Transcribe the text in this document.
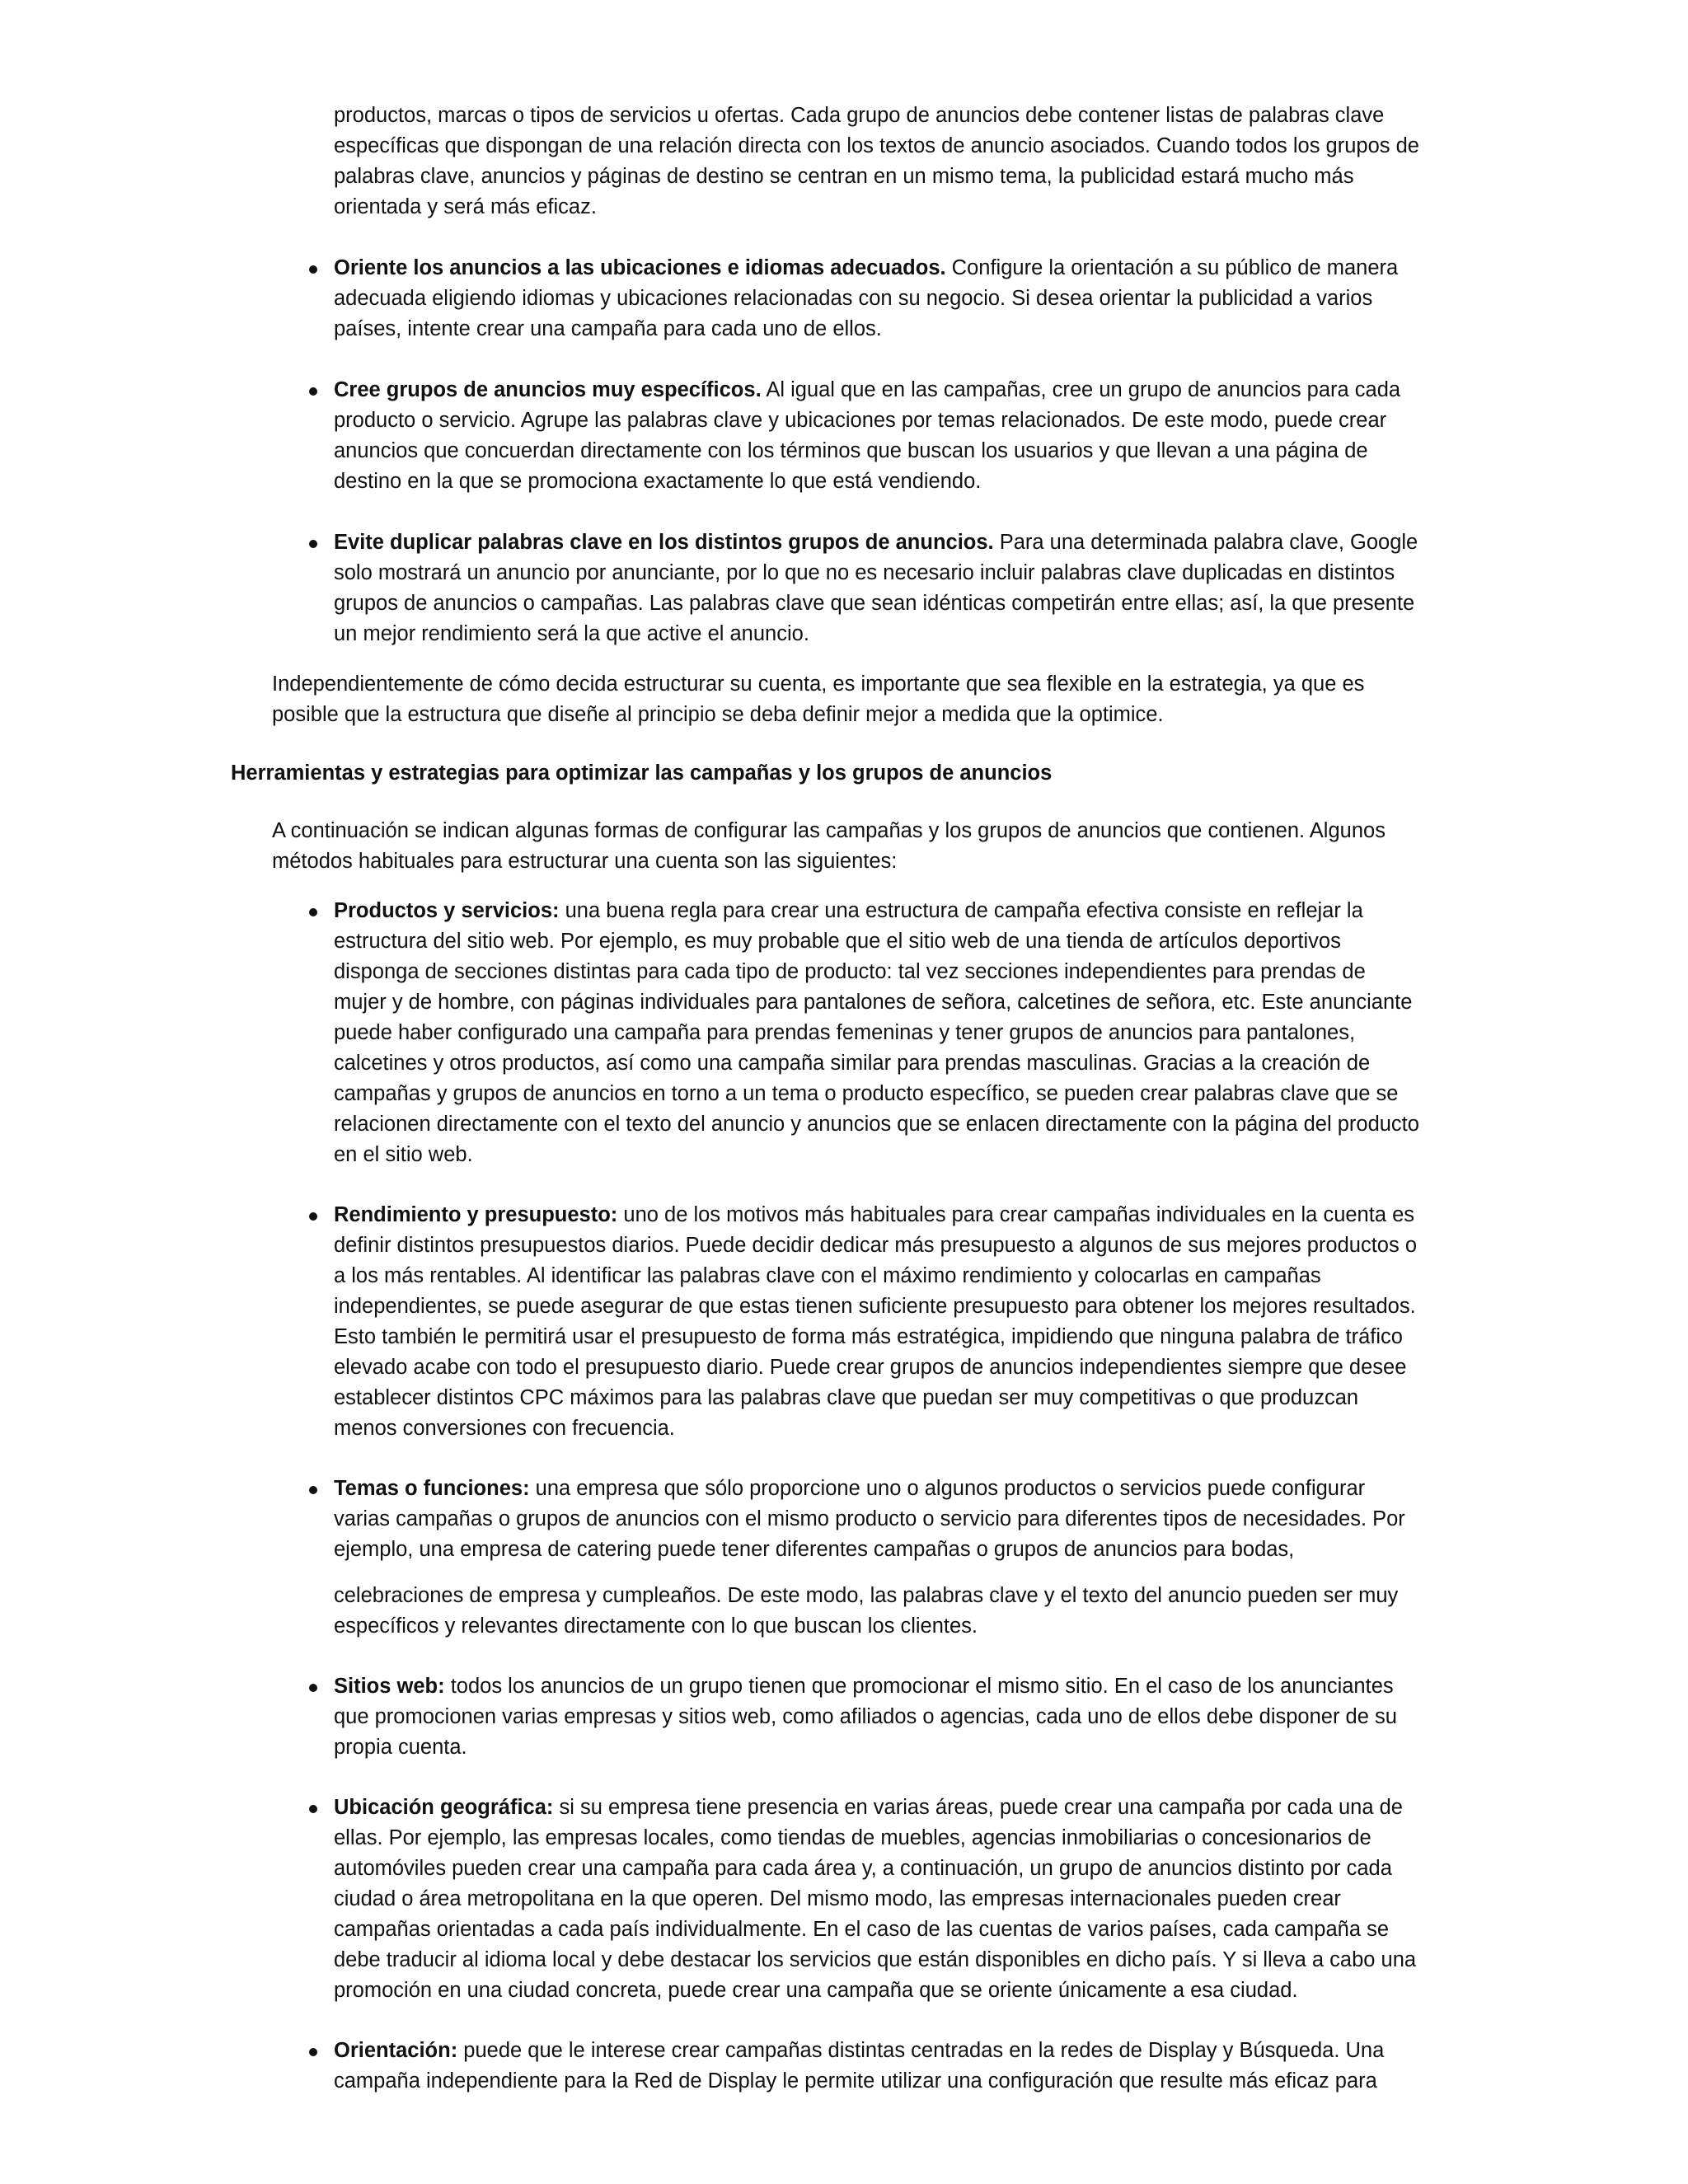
productos, marcas o tipos de servicios u ofertas. Cada grupo de anuncios debe contener listas de palabras clave específicas que dispongan de una relación directa con los textos de anuncio asociados. Cuando todos los grupos de palabras clave, anuncios y páginas de destino se centran en un mismo tema, la publicidad estará mucho más orientada y será más eficaz.

Oriente los anuncios a las ubicaciones e idiomas adecuados. Configure la orientación a su público de manera adecuada eligiendo idiomas y ubicaciones relacionadas con su negocio. Si desea orientar la publicidad a varios países, intente crear una campaña para cada uno de ellos.

Cree grupos de anuncios muy específicos. Al igual que en las campañas, cree un grupo de anuncios para cada producto o servicio. Agrupe las palabras clave y ubicaciones por temas relacionados. De este modo, puede crear anuncios que concuerdan directamente con los términos que buscan los usuarios y que llevan a una página de destino en la que se promociona exactamente lo que está vendiendo.

Evite duplicar palabras clave en los distintos grupos de anuncios. Para una determinada palabra clave, Google solo mostrará un anuncio por anunciante, por lo que no es necesario incluir palabras clave duplicadas en distintos grupos de anuncios o campañas. Las palabras clave que sean idénticas competirán entre ellas; así, la que presente un mejor rendimiento será la que active el anuncio.

Independientemente de cómo decida estructurar su cuenta, es importante que sea flexible en la estrategia, ya que es posible que la estructura que diseñe al principio se deba definir mejor a medida que la optimice.

Herramientas y estrategias para optimizar las campañas y los grupos de anuncios

A continuación se indican algunas formas de configurar las campañas y los grupos de anuncios que contienen. Algunos métodos habituales para estructurar una cuenta son las siguientes:

Productos y servicios: una buena regla para crear una estructura de campaña efectiva consiste en reflejar la estructura del sitio web. Por ejemplo, es muy probable que el sitio web de una tienda de artículos deportivos disponga de secciones distintas para cada tipo de producto: tal vez secciones independientes para prendas de mujer y de hombre, con páginas individuales para pantalones de señora, calcetines de señora, etc. Este anunciante puede haber configurado una campaña para prendas femeninas y tener grupos de anuncios para pantalones, calcetines y otros productos, así como una campaña similar para prendas masculinas. Gracias a la creación de campañas y grupos de anuncios en torno a un tema o producto específico, se pueden crear palabras clave que se relacionen directamente con el texto del anuncio y anuncios que se enlacen directamente con la página del producto en el sitio web.

Rendimiento y presupuesto: uno de los motivos más habituales para crear campañas individuales en la cuenta es definir distintos presupuestos diarios. Puede decidir dedicar más presupuesto a algunos de sus mejores productos o a los más rentables. Al identificar las palabras clave con el máximo rendimiento y colocarlas en campañas independientes, se puede asegurar de que estas tienen suficiente presupuesto para obtener los mejores resultados. Esto también le permitirá usar el presupuesto de forma más estratégica, impidiendo que ninguna palabra de tráfico elevado acabe con todo el presupuesto diario. Puede crear grupos de anuncios independientes siempre que desee establecer distintos CPC máximos para las palabras clave que puedan ser muy competitivas o que produzcan menos conversiones con frecuencia.

Temas o funciones: una empresa que sólo proporcione uno o algunos productos o servicios puede configurar varias campañas o grupos de anuncios con el mismo producto o servicio para diferentes tipos de necesidades. Por ejemplo, una empresa de catering puede tener diferentes campañas o grupos de anuncios para bodas,

celebraciones de empresa y cumpleaños. De este modo, las palabras clave y el texto del anuncio pueden ser muy específicos y relevantes directamente con lo que buscan los clientes.

Sitios web: todos los anuncios de un grupo tienen que promocionar el mismo sitio. En el caso de los anunciantes que promocionen varias empresas y sitios web, como afiliados o agencias, cada uno de ellos debe disponer de su propia cuenta.

Ubicación geográfica: si su empresa tiene presencia en varias áreas, puede crear una campaña por cada una de ellas. Por ejemplo, las empresas locales, como tiendas de muebles, agencias inmobiliarias o concesionarios de automóviles pueden crear una campaña para cada área y, a continuación, un grupo de anuncios distinto por cada ciudad o área metropolitana en la que operen. Del mismo modo, las empresas internacionales pueden crear campañas orientadas a cada país individualmente. En el caso de las cuentas de varios países, cada campaña se debe traducir al idioma local y debe destacar los servicios que están disponibles en dicho país. Y si lleva a cabo una promoción en una ciudad concreta, puede crear una campaña que se oriente únicamente a esa ciudad.

Orientación: puede que le interese crear campañas distintas centradas en la redes de Display y Búsqueda. Una campaña independiente para la Red de Display le permite utilizar una configuración que resulte más eficaz para
